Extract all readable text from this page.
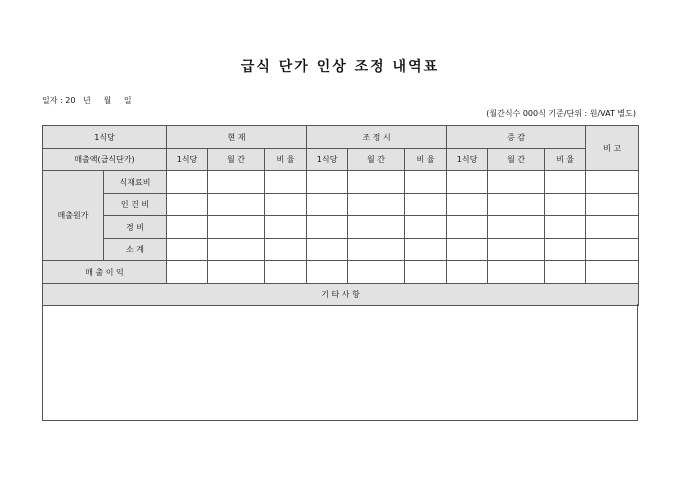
급식 단가 인상 조정 내역표
일자 : 20   년     월     일
(월간식수 000식 기준/단위 : 원/VAT 별도)
1식당		현 재			조 정 시			증 감			비 고
매출액(급식단가)		1식당	월 간	비 율	1식당	월 간	비 율	1식당	월 간	비 율	
매출원가	식재료비										
	인 건 비										
	경 비										
	소 계										
매 출 이 익											
기 타 사 항											
